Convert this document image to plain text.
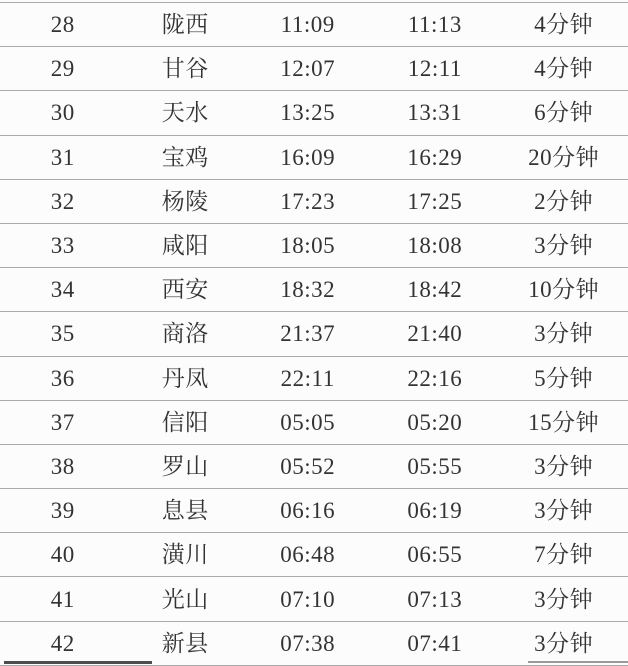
28	陇西	11:09	11:13	4分钟
29	甘谷	12:07	12:11	4分钟
30	天水	13:25	13:31	6分钟
31	宝鸡	16:09	16:29	20分钟
32	杨陵	17:23	17:25	2分钟
33	咸阳	18:05	18:08	3分钟
34	西安	18:32	18:42	10分钟
35	商洛	21:37	21:40	3分钟
36	丹凤	22:11	22:16	5分钟
37	信阳	05:05	05:20	15分钟
38	罗山	05:52	05:55	3分钟
39	息县	06:16	06:19	3分钟
40	潢川	06:48	06:55	7分钟
41	光山	07:10	07:13	3分钟
42	新县	07:38	07:41	3分钟
